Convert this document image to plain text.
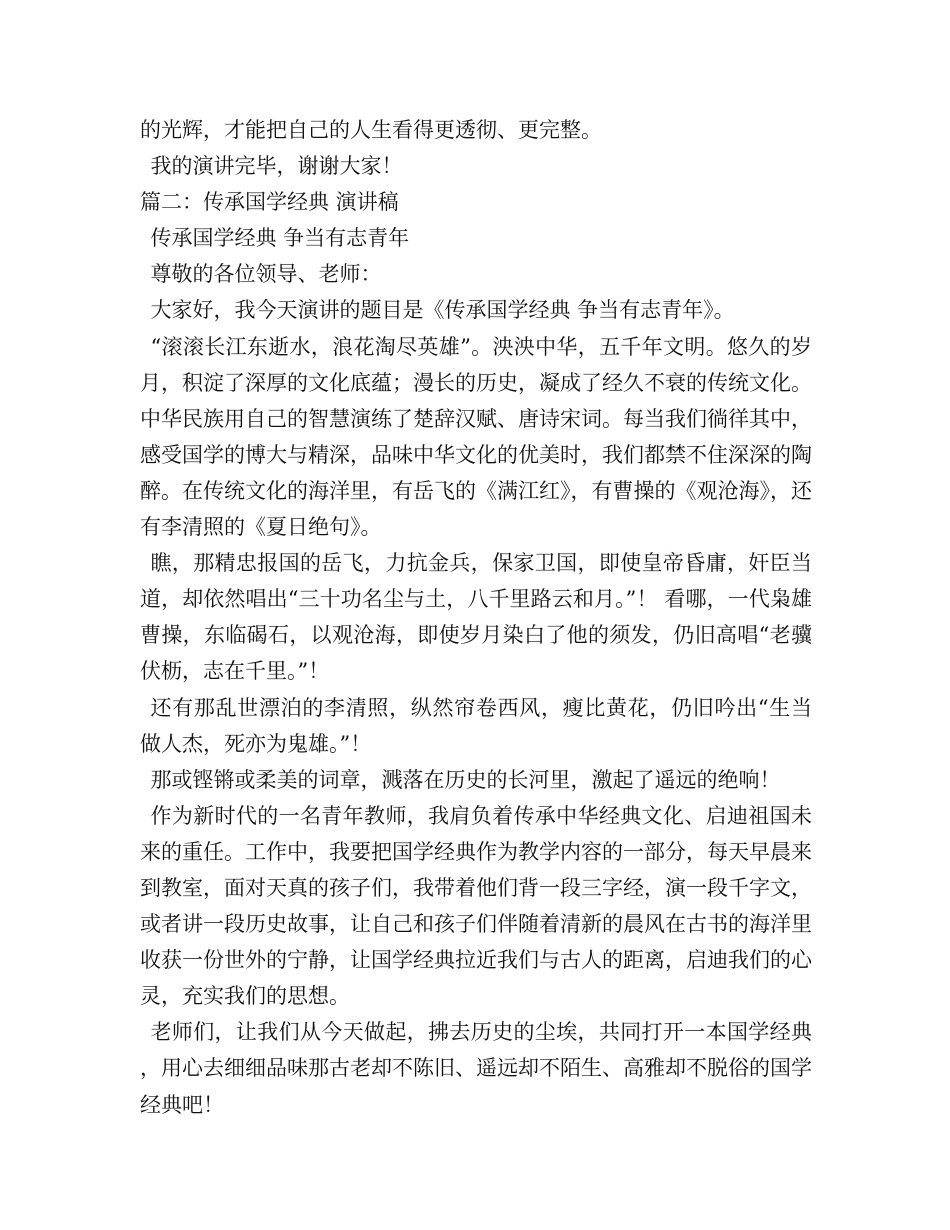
的光辉，才能把自己的人生看得更透彻、更完整。

我的演讲完毕，谢谢大家！

篇二：传承国学经典 演讲稿

传承国学经典 争当有志青年

尊敬的各位领导、老师：

大家好，我今天演讲的题目是《传承国学经典 争当有志青年》。

“滚滚长江东逝水，浪花淘尽英雄”。泱泱中华，五千年文明。悠久的岁月，积淀了深厚的文化底蕴；漫长的历史，凝成了经久不衰的传统文化。中华民族用自己的智慧演练了楚辞汉赋、唐诗宋词。每当我们徜徉其中，感受国学的博大与精深，品味中华文化的优美时，我们都禁不住深深的陶醉。在传统文化的海洋里，有岳飞的《满江红》，有曹操的《观沧海》，还有李清照的《夏日绝句》。

瞧，那精忠报国的岳飞，力抗金兵，保家卫国，即使皇帝昏庸，奸臣当道，却依然唱出“三十功名尘与土，八千里路云和月。”！ 看哪，一代枭雄曹操，东临碣石，以观沧海，即使岁月染白了他的须发，仍旧高唱“老骥伏枥，志在千里。”！

还有那乱世漂泊的李清照，纵然帘卷西风，瘦比黄花，仍旧吟出“生当做人杰，死亦为鬼雄。”！

那或铿锵或柔美的词章，溅落在历史的长河里，激起了遥远的绝响！

作为新时代的一名青年教师，我肩负着传承中华经典文化、启迪祖国未来的重任。工作中，我要把国学经典作为教学内容的一部分，每天早晨来到教室，面对天真的孩子们，我带着他们背一段三字经，演一段千字文，或者讲一段历史故事，让自己和孩子们伴随着清新的晨风在古书的海洋里收获一份世外的宁静，让国学经典拉近我们与古人的距离，启迪我们的心灵，充实我们的思想。

老师们，让我们从今天做起，拂去历史的尘埃，共同打开一本国学经典，用心去细细品味那古老却不陈旧、遥远却不陌生、高雅却不脱俗的国学经典吧！
